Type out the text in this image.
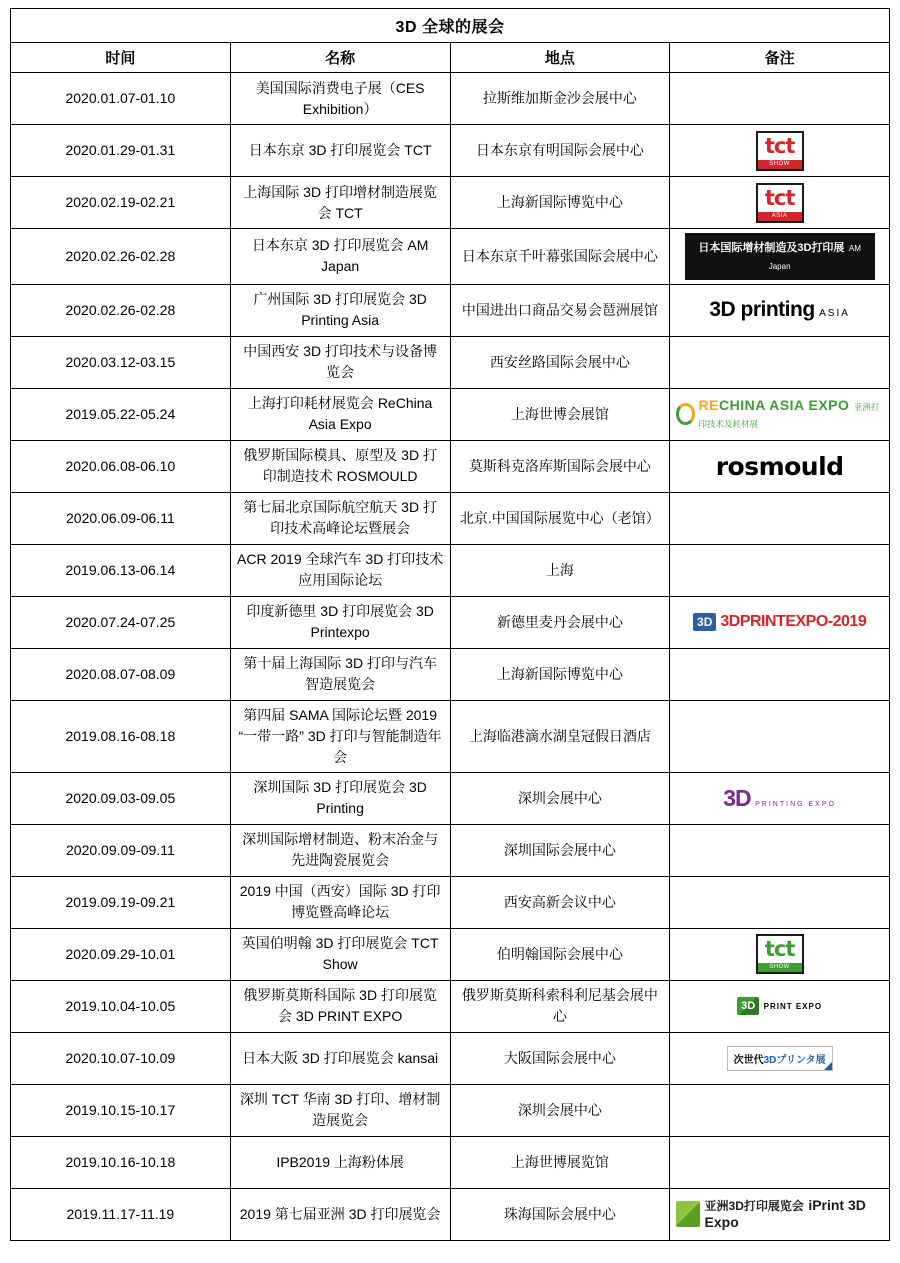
3D 全球的展会			
时间	名称	地点	备注
2020.01.07-01.10	美国国际消费电子展（CES Exhibition）	拉斯维加斯金沙会展中心	
2020.01.29-01.31	日本东京 3D 打印展览会 TCT	日本东京有明国际会展中心	tct
SHOW

2020.02.19-02.21	上海国际 3D 打印增材制造展览会 TCT	上海新国际博览中心	tct
ASIA

2020.02.26-02.28	日本东京 3D 打印展览会 AM Japan	日本东京千叶幕张国际会展中心	日本国际增材制造及3D打印展 AM Japan

2020.02.26-02.28	广州国际 3D 打印展览会 3D Printing Asia	中国进出口商品交易会琶洲展馆	3D printing ASIA

2020.03.12-03.15	中国西安 3D 打印技术与设备博览会	西安丝路国际会展中心	
2019.05.22-05.24	上海打印耗材展览会 ReChina Asia Expo	上海世博会展馆	RECHINA ASIA EXPO 亚洲打印技术及耗材展

2020.06.08-06.10	俄罗斯国际模具、原型及 3D 打印制造技术 ROSMOULD	莫斯科克洛库斯国际会展中心	rosmould

2020.06.09-06.11	第七届北京国际航空航天 3D 打印技术高峰论坛暨展会	北京.中国国际展览中心（老馆）	
2019.06.13-06.14	ACR 2019 全球汽车 3D 打印技术应用国际论坛	上海	
2020.07.24-07.25	印度新德里 3D 打印展览会 3D Printexpo	新德里麦丹会展中心	3D 3DPRINTEXPO-2019

2020.08.07-08.09	第十届上海国际 3D 打印与汽车智造展览会	上海新国际博览中心	
2019.08.16-08.18	第四届 SAMA 国际论坛暨 2019 “一带一路” 3D 打印与智能制造年会	上海临港滴水湖皇冠假日酒店	
2020.09.03-09.05	深圳国际 3D 打印展览会 3D Printing	深圳会展中心	3D PRINTING EXPO

2020.09.09-09.11	深圳国际增材制造、粉末冶金与先进陶瓷展览会	深圳国际会展中心	
2019.09.19-09.21	2019 中国（西安）国际 3D 打印博览暨高峰论坛	西安高新会议中心	
2020.09.29-10.01	英国伯明翰 3D 打印展览会 TCT Show	伯明翰国际会展中心	tct
SHOW

2019.10.04-10.05	俄罗斯莫斯科国际 3D 打印展览会 3D PRINT EXPO	俄罗斯莫斯科索科利尼基会展中心	3D PRINT EXPO

2020.10.07-10.09	日本大阪 3D 打印展览会 kansai	大阪国际会展中心	次世代3Dプリンタ展

2019.10.15-10.17	深圳 TCT 华南 3D 打印、增材制造展览会	深圳会展中心	
2019.10.16-10.18	IPB2019 上海粉体展	上海世博展览馆	
2019.11.17-11.19	2019 第七届亚洲 3D 打印展览会	珠海国际会展中心	亚洲3D打印展览会 iPrint 3D Expo
